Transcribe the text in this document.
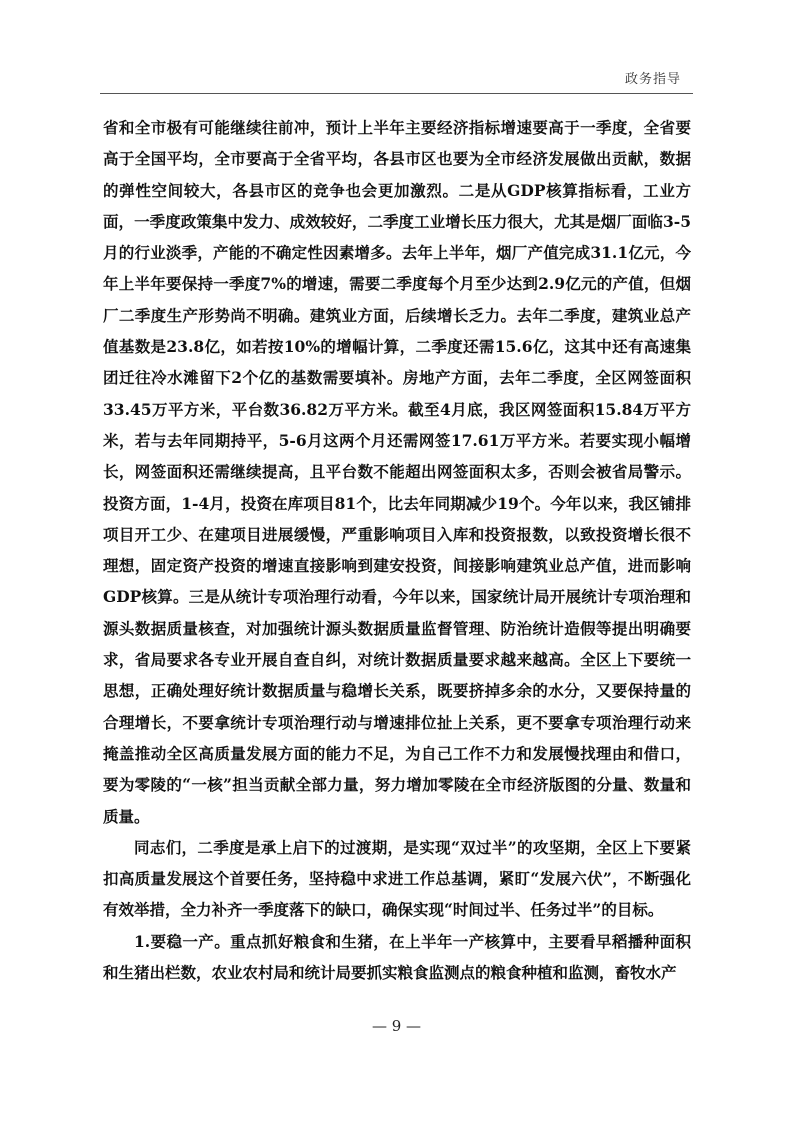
政务指导

省和全市极有可能继续往前冲，预计上半年主要经济指标增速要高于一季度，全省要高于全国平均，全市要高于全省平均，各县市区也要为全市经济发展做出贡献，数据的弹性空间较大，各县市区的竞争也会更加激烈。二是从GDP核算指标看，工业方面，一季度政策集中发力、成效较好，二季度工业增长压力很大，尤其是烟厂面临3-5月的行业淡季，产能的不确定性因素增多。去年上半年，烟厂产值完成31.1亿元，今年上半年要保持一季度7%的增速，需要二季度每个月至少达到2.9亿元的产值，但烟厂二季度生产形势尚不明确。建筑业方面，后续增长乏力。去年二季度，建筑业总产值基数是23.8亿，如若按10%的增幅计算，二季度还需15.6亿，这其中还有高速集团迁往冷水滩留下2个亿的基数需要填补。房地产方面，去年二季度，全区网签面积33.45万平方米，平台数36.82万平方米。截至4月底，我区网签面积15.84万平方米，若与去年同期持平，5-6月这两个月还需网签17.61万平方米。若要实现小幅增长，网签面积还需继续提高，且平台数不能超出网签面积太多，否则会被省局警示。投资方面，1-4月，投资在库项目81个，比去年同期减少19个。今年以来，我区铺排项目开工少、在建项目进展缓慢，严重影响项目入库和投资报数，以致投资增长很不理想，固定资产投资的增速直接影响到建安投资，间接影响建筑业总产值，进而影响GDP核算。三是从统计专项治理行动看，今年以来，国家统计局开展统计专项治理和源头数据质量核查，对加强统计源头数据质量监督管理、防治统计造假等提出明确要求，省局要求各专业开展自查自纠，对统计数据质量要求越来越高。全区上下要统一思想，正确处理好统计数据质量与稳增长关系，既要挤掉多余的水分，又要保持量的合理增长，不要拿统计专项治理行动与增速排位扯上关系，更不要拿专项治理行动来掩盖推动全区高质量发展方面的能力不足，为自己工作不力和发展慢找理由和借口，要为零陵的“一核”担当贡献全部力量，努力增加零陵在全市经济版图的分量、数量和质量。

同志们，二季度是承上启下的过渡期，是实现“双过半”的攻坚期，全区上下要紧扣高质量发展这个首要任务，坚持稳中求进工作总基调，紧盯“发展六伏”，不断强化有效举措，全力补齐一季度落下的缺口，确保实现“时间过半、任务过半”的目标。

1.要稳一产。重点抓好粮食和生猪，在上半年一产核算中，主要看早稻播种面积和生猪出栏数，农业农村局和统计局要抓实粮食监测点的粮食种植和监测，畜牧水产

— 9 —
